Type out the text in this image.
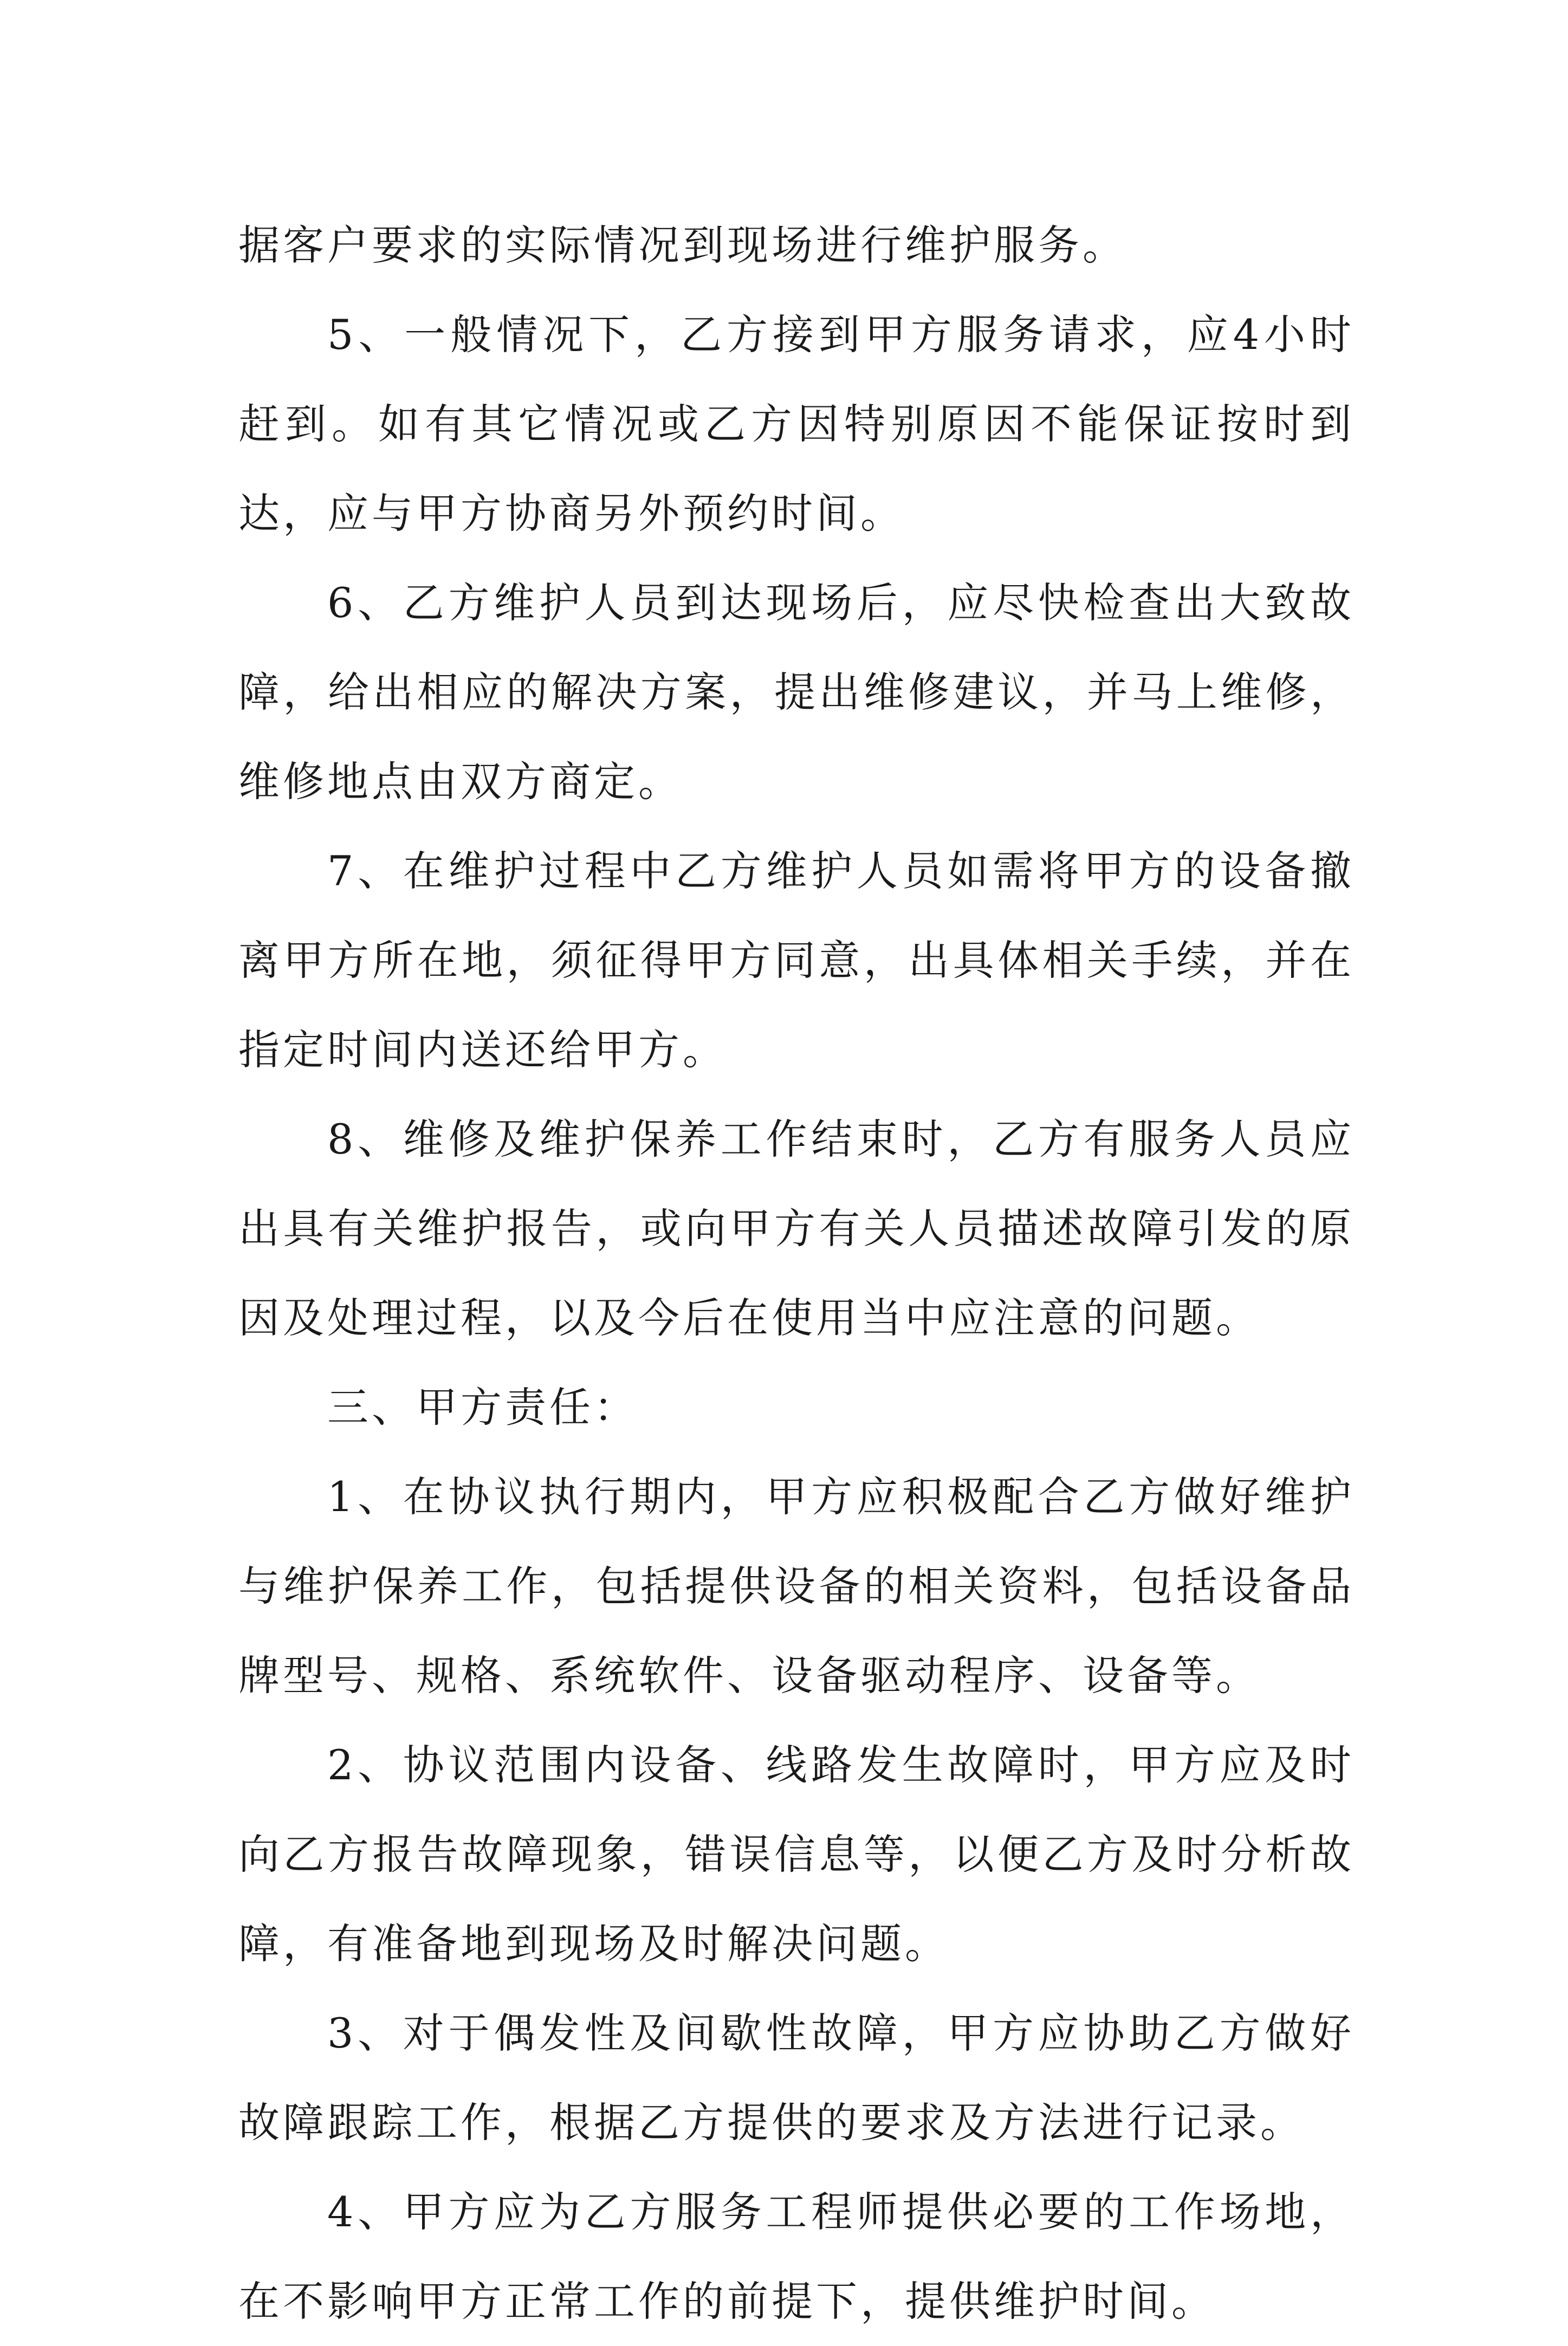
据客户要求的实际情况到现场进行维护服务。

5、一般情况下，乙方接到甲方服务请求，应4小时赶到。如有其它情况或乙方因特别原因不能保证按时到达，应与甲方协商另外预约时间。

6、乙方维护人员到达现场后，应尽快检查出大致故障，给出相应的解决方案，提出维修建议，并马上维修，维修地点由双方商定。

7、在维护过程中乙方维护人员如需将甲方的设备撤离甲方所在地，须征得甲方同意，出具体相关手续，并在指定时间内送还给甲方。

8、维修及维护保养工作结束时，乙方有服务人员应出具有关维护报告，或向甲方有关人员描述故障引发的原因及处理过程，以及今后在使用当中应注意的问题。

三、甲方责任：

1、在协议执行期内，甲方应积极配合乙方做好维护与维护保养工作，包括提供设备的相关资料，包括设备品牌型号、规格、系统软件、设备驱动程序、设备等。

2、协议范围内设备、线路发生故障时，甲方应及时向乙方报告故障现象，错误信息等，以便乙方及时分析故障，有准备地到现场及时解决问题。

3、对于偶发性及间歇性故障，甲方应协助乙方做好故障跟踪工作，根据乙方提供的要求及方法进行记录。

4、甲方应为乙方服务工程师提供必要的工作场地，在不影响甲方正常工作的前提下，提供维护时间。
